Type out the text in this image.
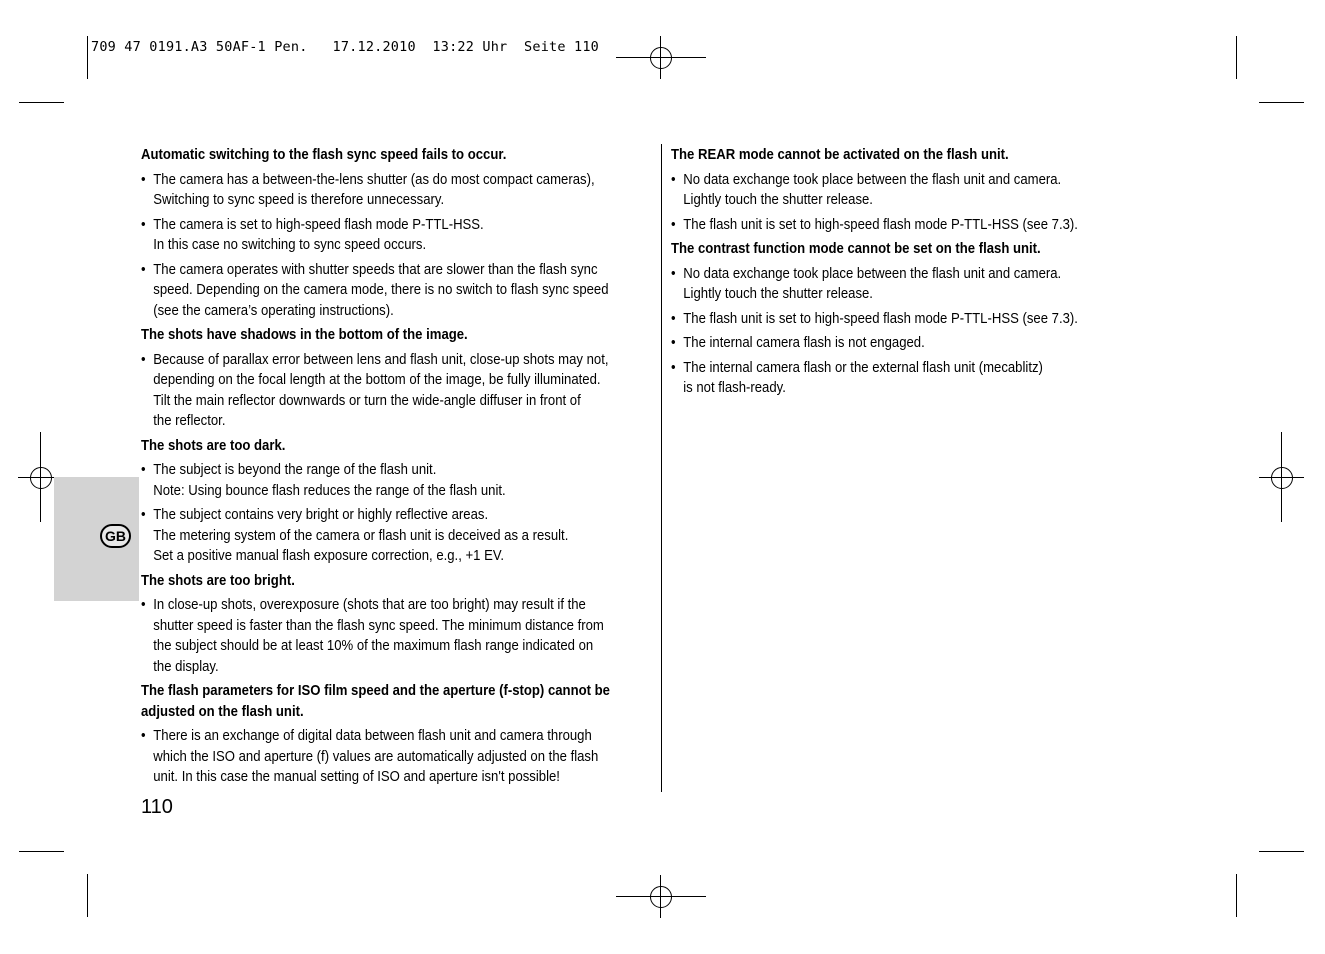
709 47 0191.A3 50AF-1 Pen.   17.12.2010  13:22 Uhr  Seite 110
GB
Automatic switching to the flash sync speed fails to occur.
• The camera has a between-the-lens shutter (as do most compact cameras),
Switching to sync speed is therefore unnecessary.
• The camera is set to high-speed flash mode P-TTL-HSS.
In this case no switching to sync speed occurs.
• The camera operates with shutter speeds that are slower than the flash sync
speed. Depending on the camera mode, there is no switch to flash sync speed
(see the camera’s operating instructions).
The shots have shadows in the bottom of the image.
• Because of parallax error between lens and flash unit, close-up shots may not,
depending on the focal length at the bottom of the image, be fully illuminated.
Tilt the main reflector downwards or turn the wide-angle diffuser in front of
the reflector.
The shots are too dark.
• The subject is beyond the range of the flash unit.
Note: Using bounce flash reduces the range of the flash unit.
• The subject contains very bright or highly reflective areas.
The metering system of the camera or flash unit is deceived as a result.
Set a positive manual flash exposure correction, e.g., +1 EV.
The shots are too bright.
• In close-up shots, overexposure (shots that are too bright) may result if the
shutter speed is faster than the flash sync speed. The minimum distance from
the subject should be at least 10% of the maximum flash range indicated on
the display.
The flash parameters for ISO film speed and the aperture (f-stop) cannot be adjusted on the flash unit.
• There is an exchange of digital data between flash unit and camera through
which the ISO and aperture (f) values are automatically adjusted on the flash
unit. In this case the manual setting of ISO and aperture isn't possible!
The REAR mode cannot be activated on the flash unit.
• No data exchange took place between the flash unit and camera.
Lightly touch the shutter release.
• The flash unit is set to high-speed flash mode P-TTL-HSS (see 7.3).
The contrast function mode cannot be set on the flash unit.
• No data exchange took place between the flash unit and camera.
Lightly touch the shutter release.
• The flash unit is set to high-speed flash mode P-TTL-HSS (see 7.3).
• The internal camera flash is not engaged.
• The internal camera flash or the external flash unit (mecablitz)
is not flash-ready.
110
